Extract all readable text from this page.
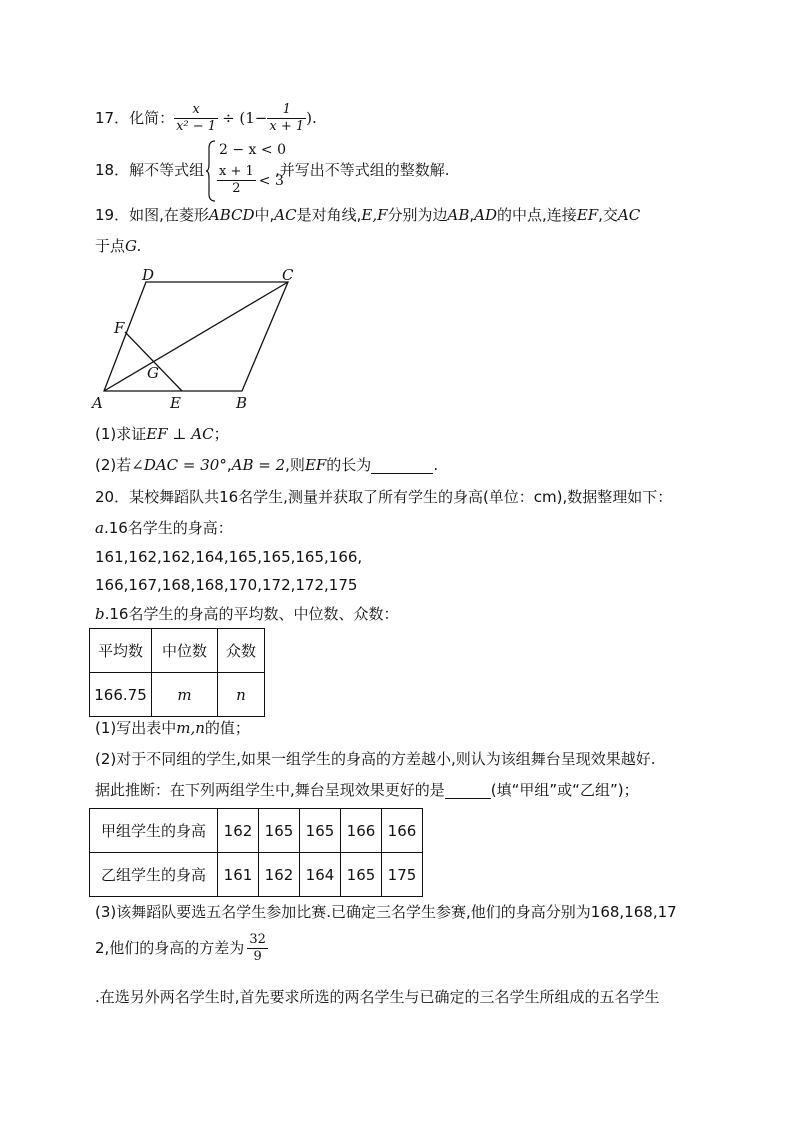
17．化简： $\frac{x}{\text{x² − 1}} \div (1- \frac{1}{x + 1}$ ).
18．解不等式组
2 − x < 0
$\frac{x + 1}{2} < 3$
,并写出不等式组的整数解.
19．如图,在菱形ABCD中,AC是对角线,E,F分别为边AB,AD的中点,连接EF,交AC
于点G.
A	E	B
C
D
F
G
(1)求证EF ⊥ AC；
(2)若∠DAC = 30°,AB = 2,则EF的长为	.
20．某校舞蹈队共16名学生,测量并获取了所有学生的身高(单位：cm),数据整理如下：
a.16名学生的身高：
161,162,162,164,165,165,165,166,
166,167,168,168,170,172,172,175
b.16名学生的身高的平均数、中位数、众数：
平均数	中位数	众数
166.75	m	n
(1)写出表中m,n的值；
(2)对于不同组的学生,如果一组学生的身高的方差越小,则认为该组舞台呈现效果越好.
据此推断：在下列两组学生中,舞台呈现效果更好的是	(填“甲组”或“乙组”)；
甲组学生的身高	162	165	165	166	166
乙组学生的身高	161	162	164	165	175
(3)该舞蹈队要选五名学生参加比赛.已确定三名学生参赛,他们的身高分别为168,168,17
2,他们的身高的方差为 $\frac{32}{9}$
.在选另外两名学生时,首先要求所选的两名学生与已确定的三名学生所组成的五名学生
